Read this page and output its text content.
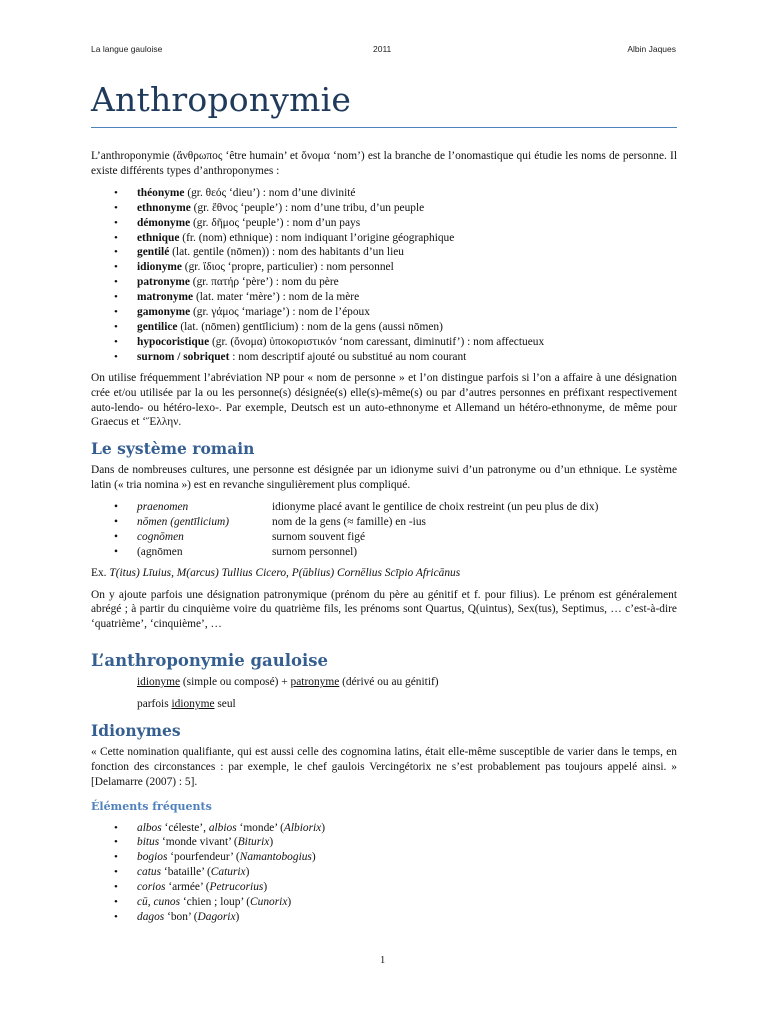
La langue gauloise	2011	Albin Jaques
Anthroponymie

L’anthroponymie (ἄνθρωπος ‘être humain’ et ὄνομα ‘nom’) est la branche de l’onomastique qui étudie les noms de personne. Il existe différents types d’anthroponymes :

• théonyme (gr. θεός ‘dieu’) : nom d’une divinité
• ethnonyme (gr. ἔθνος ‘peuple’) : nom d’une tribu, d’un peuple
• démonyme (gr. δῆμος ‘peuple’) : nom d’un pays
• ethnique (fr. (nom) ethnique) : nom indiquant l’origine géographique
• gentilé (lat. gentile (nōmen)) : nom des habitants d’un lieu
• idionyme (gr. ἴδιος ‘propre, particulier) : nom personnel
• patronyme (gr. πατήρ ‘père’) : nom du père
• matronyme (lat. mater ‘mère’) : nom de la mère
• gamonyme (gr. γάμος ‘mariage’) : nom de l’époux
• gentilice (lat. (nōmen) gentīlicium) : nom de la gens (aussi nōmen)
• hypocoristique (gr. (ὄνομα) ὑποκοριστικόν ‘nom caressant, diminutif’) : nom affectueux
• surnom / sobriquet : nom descriptif ajouté ou substitué au nom courant

On utilise fréquemment l’abréviation NP pour « nom de personne » et l’on distingue parfois si l’on a affaire à une désignation crée et/ou utilisée par la ou les personne(s) désignée(s) elle(s)-même(s) ou par d’autres personnes en préfixant respectivement auto-lendo- ou hétéro-lexo-. Par exemple, Deutsch est un auto-ethnonyme et Allemand un hétéro-ethnonyme, de même pour Graecus et ‘Ἕλλην.

Le système romain

Dans de nombreuses cultures, une personne est désignée par un idionyme suivi d’un patronyme ou d’un ethnique. Le système latin (« tria nomina ») est en revanche singulièrement plus compliqué.

• praenomen	idionyme placé avant le gentilice de choix restreint (un peu plus de dix)
• nōmen (gentīlicium)	nom de la gens (≈ famille) en -ius
• cognōmen	surnom souvent figé
• (agnōmen	surnom personnel)

Ex. T(itus) Līuius, M(arcus) Tullius Cicero, P(ūblius) Cornēlius Scīpio Africānus

On y ajoute parfois une désignation patronymique (prénom du père au génitif et f. pour filius). Le prénom est généralement abrégé ; à partir du cinquième voire du quatrième fils, les prénoms sont Quartus, Q(uintus), Sex(tus), Septimus, … c’est-à-dire ‘quatrième’, ‘cinquième’, …

L’anthroponymie gauloise
idionyme (simple ou composé) + patronyme (dérivé ou au génitif)
parfois idionyme seul
Idionymes

« Cette nomination qualifiante, qui est aussi celle des cognomina latins, était elle-même susceptible de varier dans le temps, en fonction des circonstances : par exemple, le chef gaulois Vercingétorix ne s’est probablement pas toujours appelé ainsi. » [Delamarre (2007) : 5].

Éléments fréquents
• albos ‘céleste’, albios ‘monde’ (Albiorix)
• bitus ‘monde vivant’ (Biturix)
• bogios ‘pourfendeur’ (Namantobogius)
• catus ‘bataille’ (Caturix)
• corios ‘armée’ (Petrucorius)
• cū, cunos ‘chien ; loup’ (Cunorix)
• dagos ‘bon’ (Dagorix)
1
